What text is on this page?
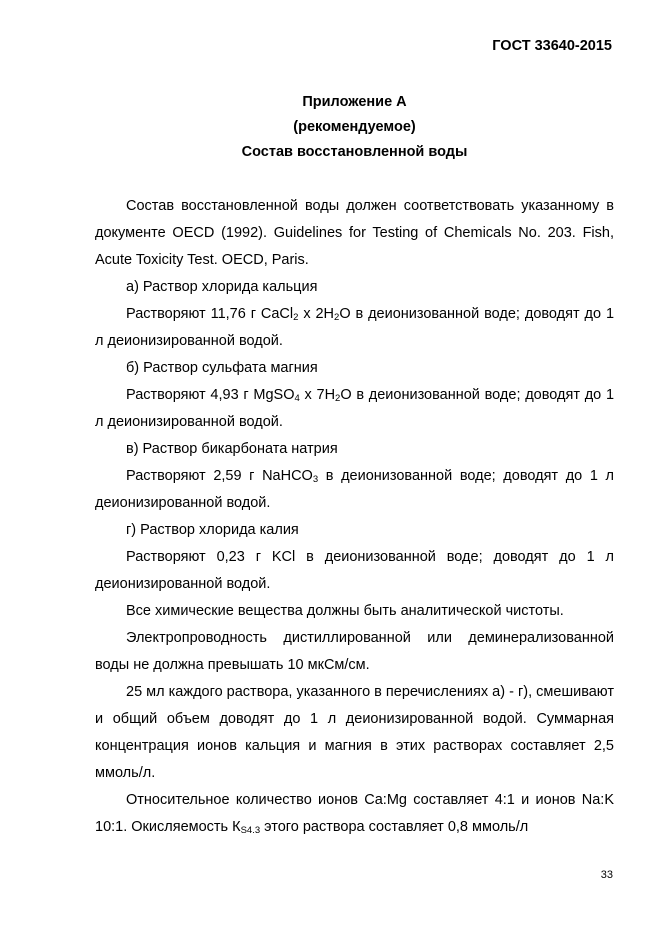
ГОСТ 33640-2015
Приложение А
(рекомендуемое)
Состав восстановленной воды

Состав восстановленной воды должен соответствовать указанному в документе OECD (1992). Guidelines for Testing of Chemicals No. 203. Fish, Acute Toxicity Test. OECD, Paris.

а) Раствор хлорида кальция

Растворяют 11,76 г CaCl$_2$ х $2H_2O$ в деионизованной воде; доводят до 1 л деионизированной водой.

б) Раствор сульфата магния

Растворяют 4,93 г MgSO$_4$ х $7H_2O$ в деионизованной воде; доводят до 1 л деионизированной водой.

в) Раствор бикарбоната натрия

Растворяют 2,59 г NaHCO$_3$ в деионизованной воде; доводят до 1 л деионизированной водой.

г) Раствор хлорида калия

Растворяют 0,23 г KCl в деионизованной воде; доводят до 1 л деионизированной водой.

Все химические вещества должны быть аналитической чистоты.

Электропроводность дистиллированной или деминерализованной воды не должна превышать 10 мкСм/см.

25 мл каждого раствора, указанного в перечислениях а) - г), смешивают и общий объем доводят до 1 л деионизированной водой. Суммарная концентрация ионов кальция и магния в этих растворах составляет 2,5 ммоль/л.

Относительное количество ионов Ca:Mg составляет 4:1 и ионов Na:K 10:1. Окисляемость $К_{S4.3}$ этого раствора составляет 0,8 ммоль/л

33
